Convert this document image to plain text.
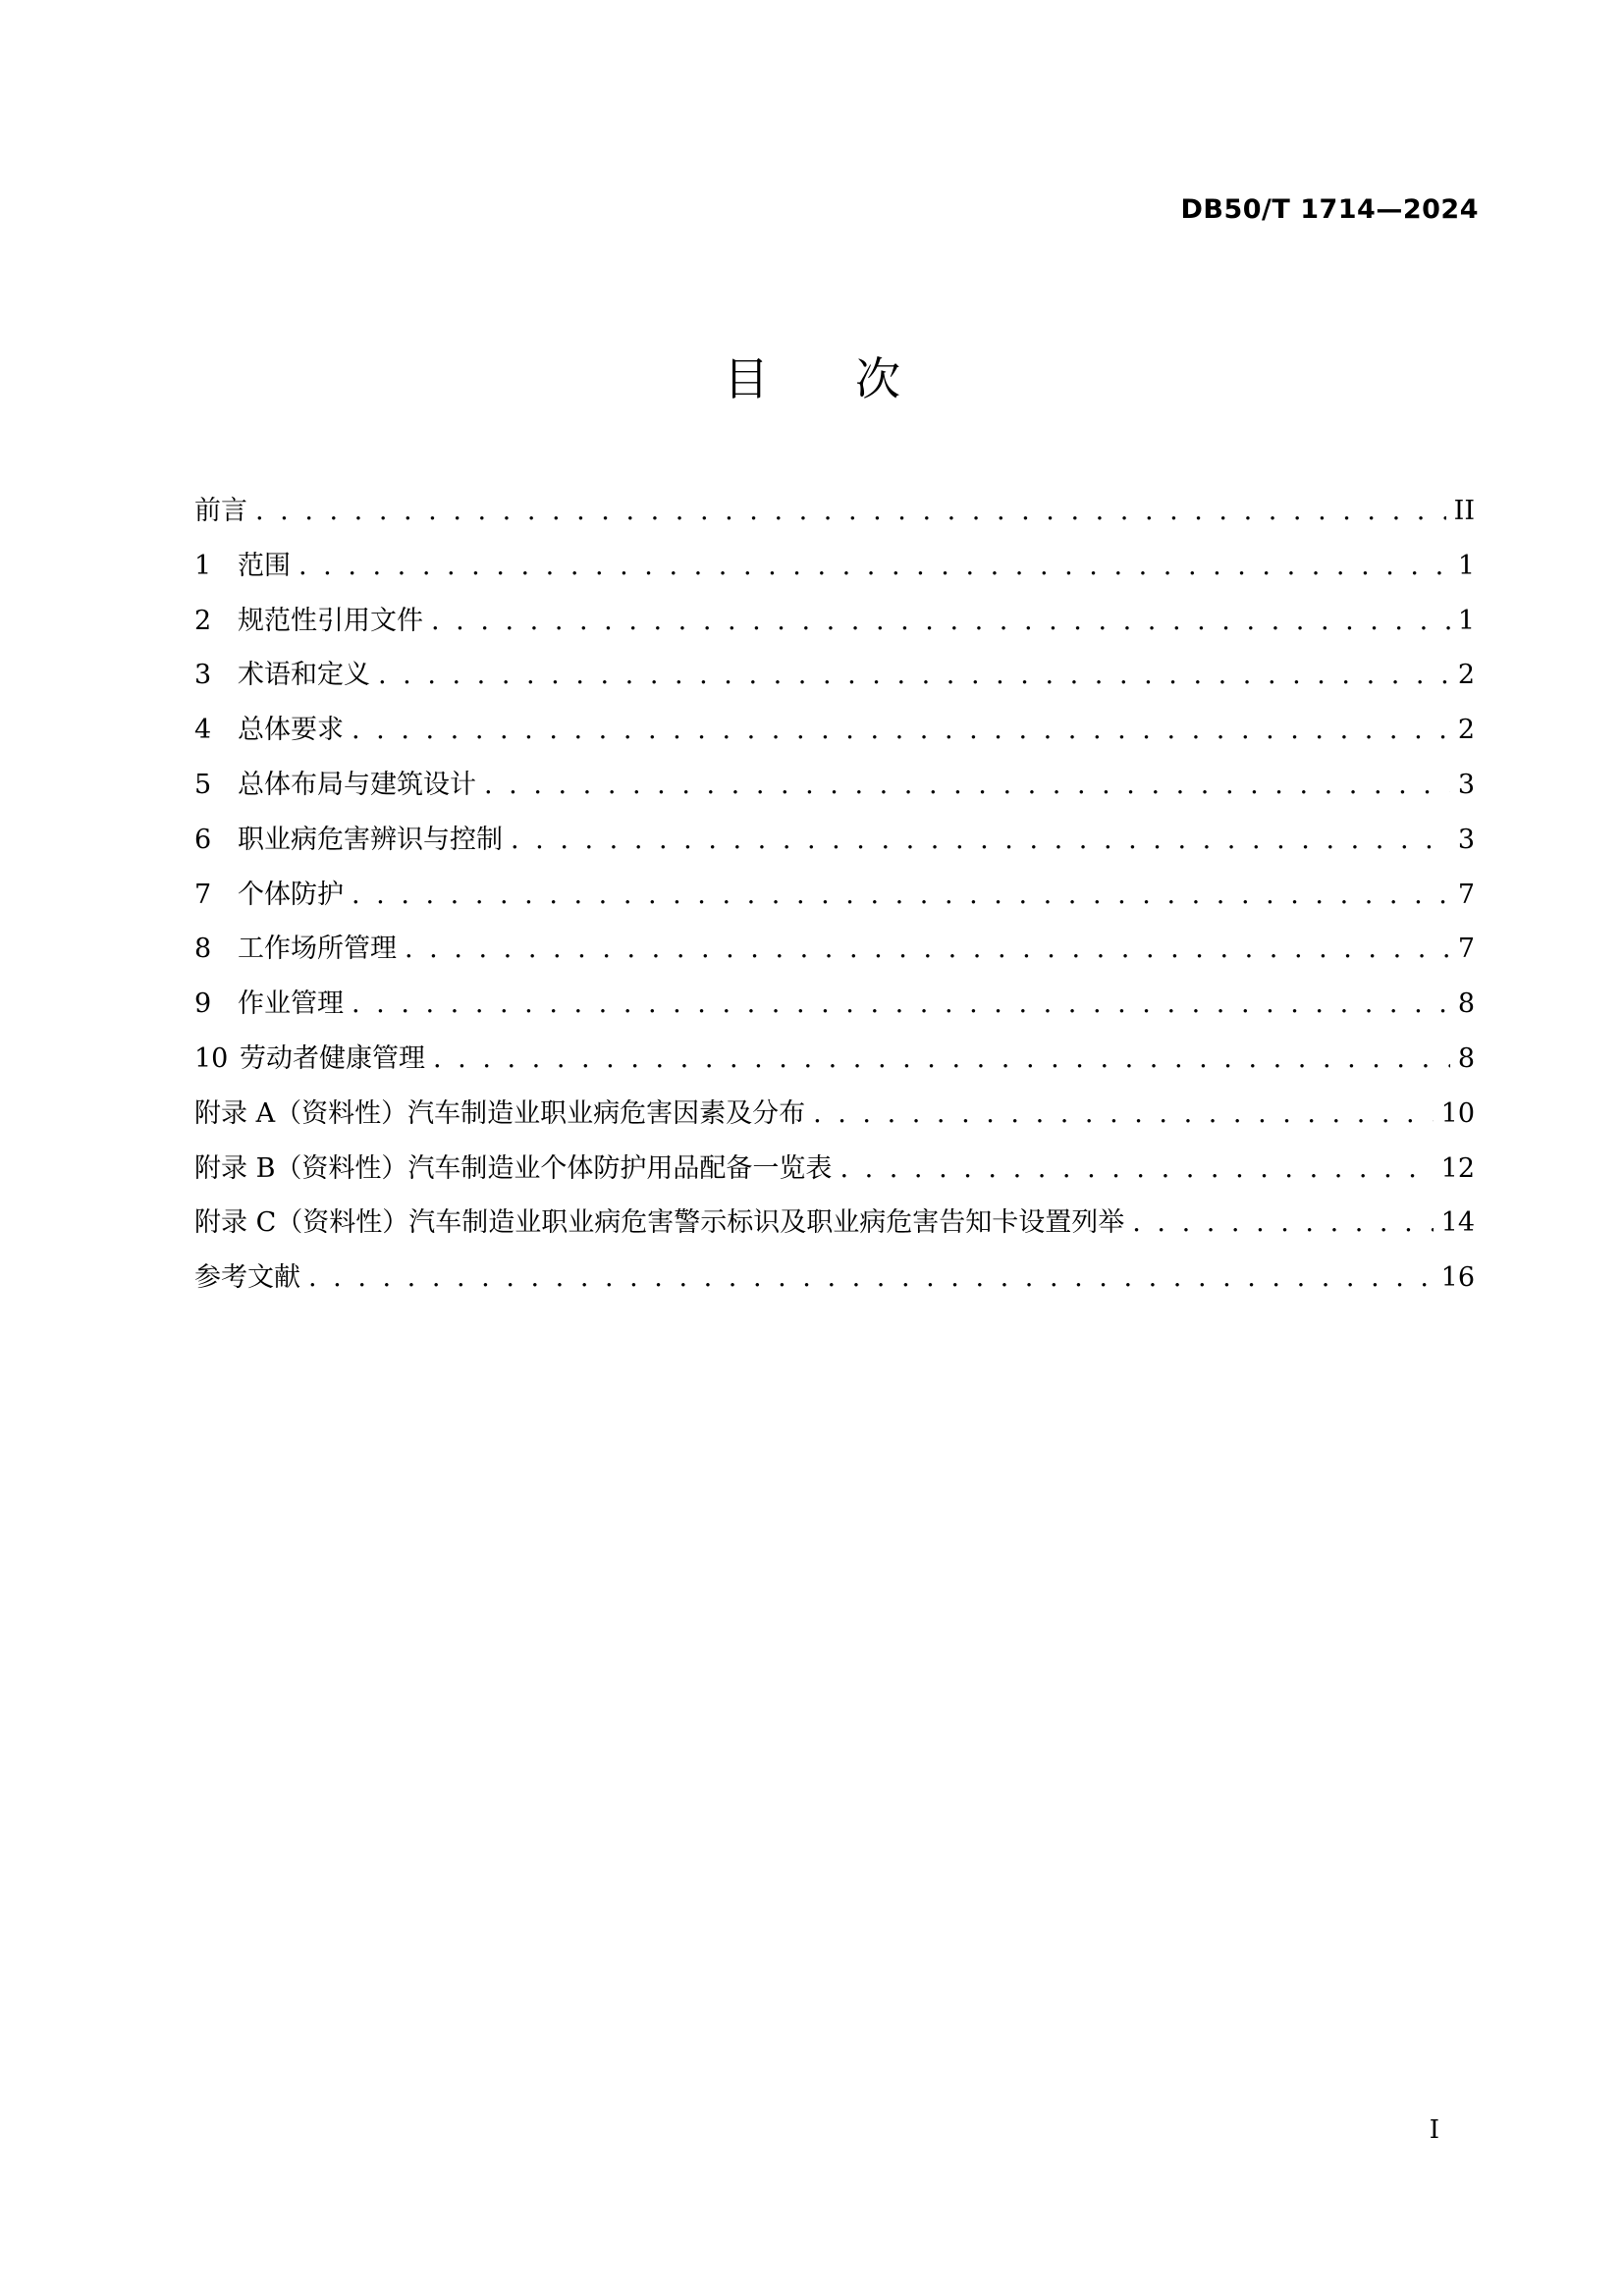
DB50/T 1714—2024
目 次
前言 . . .	II
1 范围 . . .	1
2 规范性引用文件 . . .	1
3 术语和定义 . . .	2
4 总体要求 . . .	2
5 总体布局与建筑设计 . . .	3
6 职业病危害辨识与控制 . . .	3
7 个体防护 . . .	7
8 工作场所管理 . . .	7
9 作业管理 . . .	8
10 劳动者健康管理 . . .	8
附录 A（资料性） 汽车制造业职业病危害因素及分布 . . .	10
附录 B（资料性） 汽车制造业个体防护用品配备一览表 . . .	12
附录 C（资料性） 汽车制造业职业病危害警示标识及职业病危害告知卡设置列举 . . .	14
参考文献 . . .	16
I
